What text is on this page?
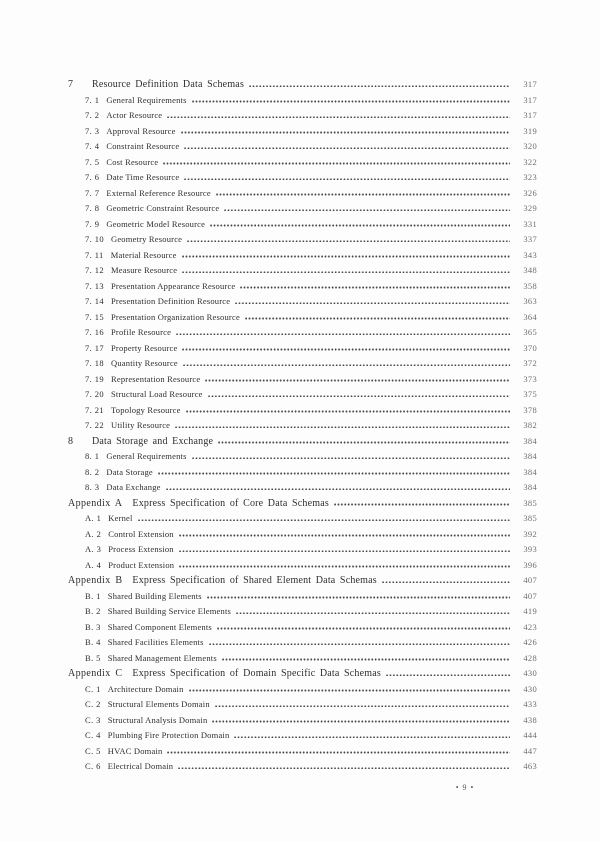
7	Resource Definition Data Schemas	317
7. 1 General Requirements	317
7. 2 Actor Resource	317
7. 3 Approval Resource	319
7. 4 Constraint Resource	320
7. 5 Cost Resource	322
7. 6 Date Time Resource	323
7. 7 External Reference Resource	326
7. 8 Geometric Constraint Resource	329
7. 9 Geometric Model Resource	331
7. 10 Geometry Resource	337
7. 11 Material Resource	343
7. 12 Measure Resource	348
7. 13 Presentation Appearance Resource	358
7. 14 Presentation Definition Resource	363
7. 15 Presentation Organization Resource	364
7. 16 Profile Resource	365
7. 17 Property Resource	370
7. 18 Quantity Resource	372
7. 19 Representation Resource	373
7. 20 Structural Load Resource	375
7. 21 Topology Resource	378
7. 22 Utility Resource	382
8	Data Storage and Exchange	384
8. 1 General Requirements	384
8. 2 Data Storage	384
8. 3 Data Exchange	384
Appendix A Express Specification of Core Data Schemas	385
A. 1 Kernel	385
A. 2 Control Extension	392
A. 3 Process Extension	393
A. 4 Product Extension	396
Appendix B Express Specification of Shared Element Data Schemas	407
B. 1 Shared Building Elements	407
B. 2 Shared Building Service Elements	419
B. 3 Shared Component Elements	423
B. 4 Shared Facilities Elements	426
B. 5 Shared Management Elements	428
Appendix C Express Specification of Domain Specific Data Schemas	430
C. 1 Architecture Domain	430
C. 2 Structural Elements Domain	433
C. 3 Structural Analysis Domain	438
C. 4 Plumbing Fire Protection Domain	444
C. 5 HVAC Domain	447
C. 6 Electrical Domain	463
• 9 •
